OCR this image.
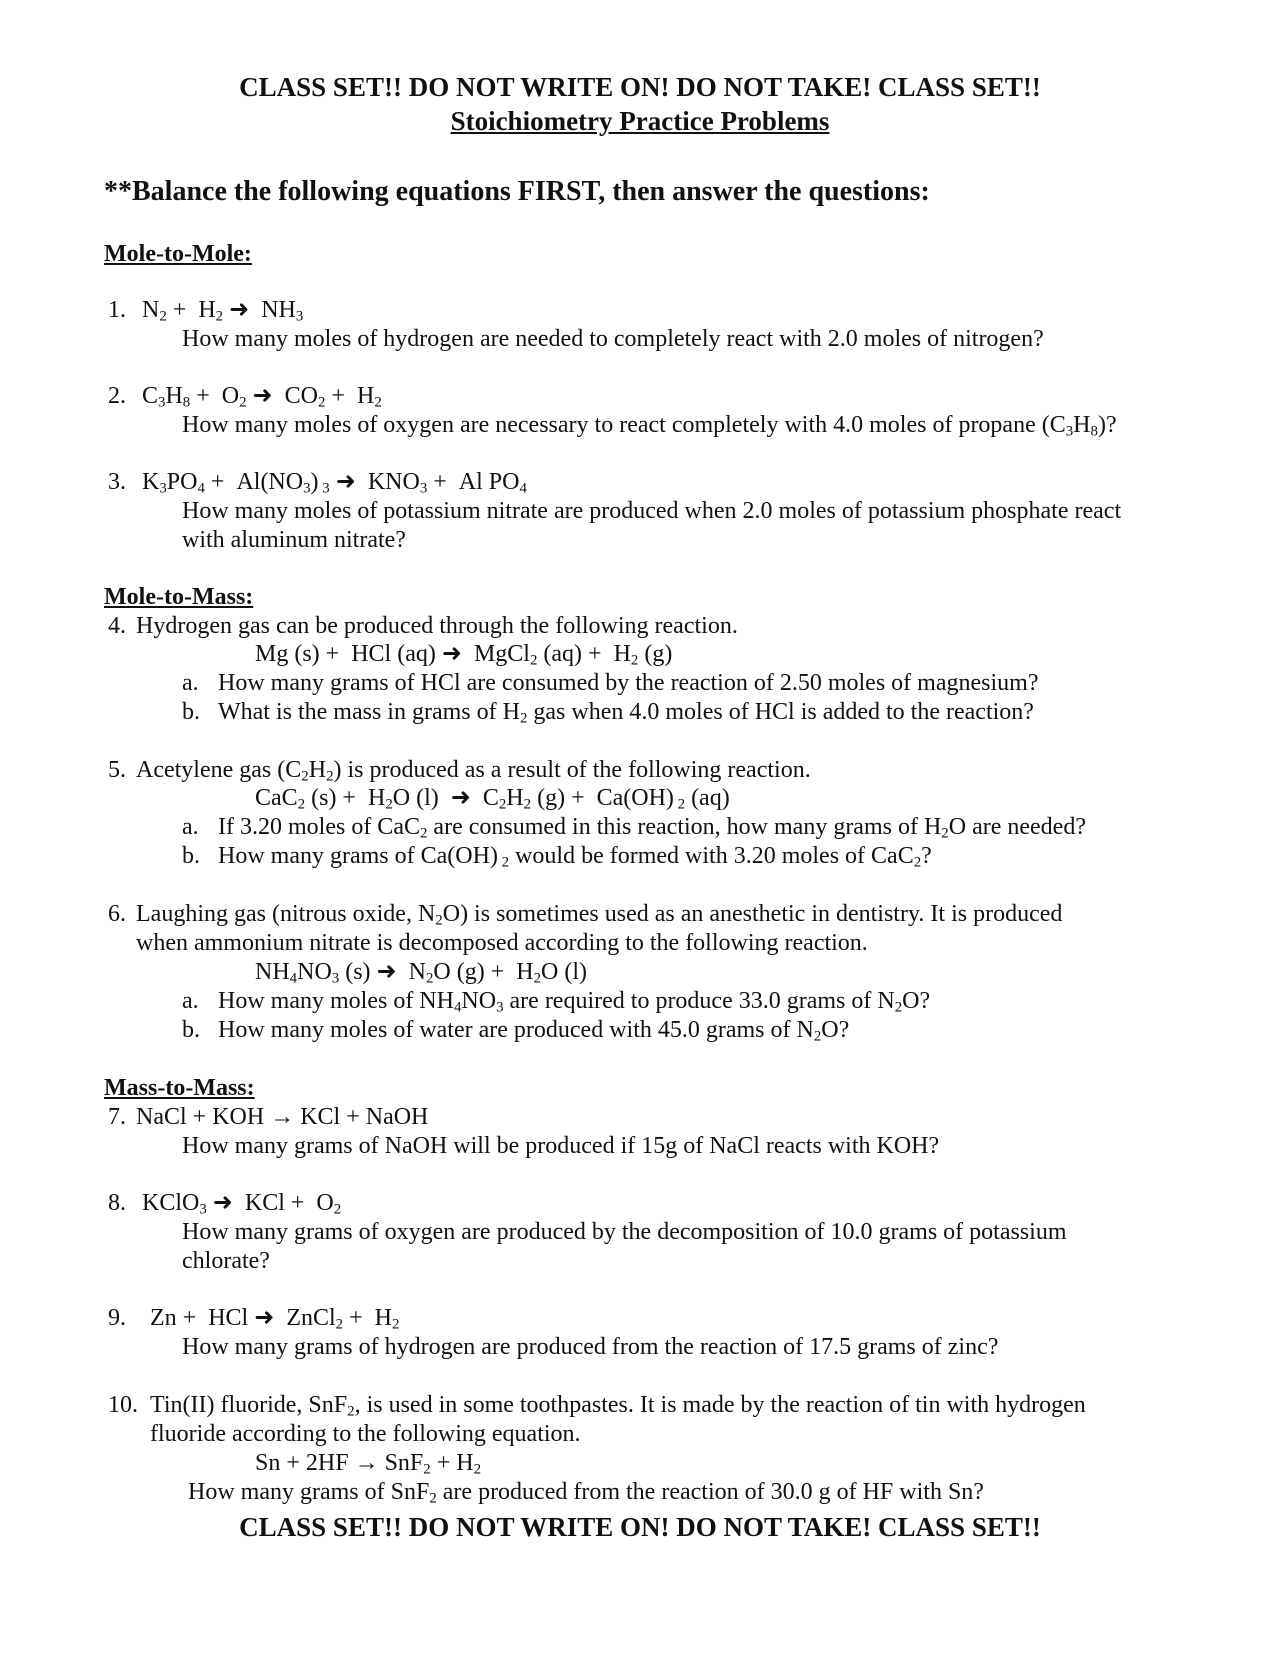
CLASS SET!! DO NOT WRITE ON! DO NOT TAKE! CLASS SET!!
Stoichiometry Practice Problems
**Balance the following equations FIRST, then answer the questions:
Mole-to-Mole:
1. $N_2 + H_2$ ➜  $NH_3$
How many moles of hydrogen are needed to completely react with 2.0 moles of nitrogen?
2. $C_3H_8 + O_2$ ➜  $CO_2 + H_2$
How many moles of oxygen are necessary to react completely with 4.0 moles of propane $(C_3H_8)$?
3. $K_3PO_4 + Al(NO_3)$ $_3$ ➜  $KNO_3 + Al$ $PO_4$
How many moles of potassium nitrate are produced when 2.0 moles of potassium phosphate react
with aluminum nitrate?
Mole-to-Mass:
4. Hydrogen gas can be produced through the following reaction.
Mg (s) +  HCl (aq) ➜  MgCl$_2$ $(aq) + H_2$ (g)
a. How many grams of HCl are consumed by the reaction of 2.50 moles of magnesium?
b. What is the mass in grams of $H_2$ gas when 4.0 moles of HCl is added to the reaction?
5. Acetylene gas $(C_2H_2)$ is produced as a result of the following reaction.
CaC$_2$ $(s) + H_2O$ (l)  ➜  $C_2H_2$ (g) +  Ca(OH) $_2$ (aq)
a. If 3.20 moles of CaC$_2$ are consumed in this reaction, how many grams of $H_2O$ are needed?
b. How many grams of Ca(OH) $_2$ would be formed with 3.20 moles of CaC$_2$?
6. Laughing gas (nitrous oxide, $N_2O$) is sometimes used as an anesthetic in dentistry. It is produced
when ammonium nitrate is decomposed according to the following reaction.
$NH_4NO_3$ (s) ➜  $N_2O$ $(g) + H_2O$ (l)
a. How many moles of $NH_4NO_3$ are required to produce 33.0 grams of $N_2O$?
b. How many moles of water are produced with 45.0 grams of $N_2O$?
Mass-to-Mass:
7. NaCl + KOH → KCl + NaOH
How many grams of NaOH will be produced if 15g of NaCl reacts with KOH?
8. KClO$_3$ ➜  KCl +  $O_2$
How many grams of oxygen are produced by the decomposition of 10.0 grams of potassium
chlorate?
9. Zn +  HCl ➜  ZnCl$_2$ +  $H_2$
How many grams of hydrogen are produced from the reaction of 17.5 grams of zinc?
10. Tin(II) fluoride, SnF$_2$, is used in some toothpastes. It is made by the reaction of tin with hydrogen
fluoride according to the following equation.
$Sn + 2HF \to SnF_2 + H_2$
How many grams of SnF$_2$ are produced from the reaction of 30.0 g of HF with Sn?
CLASS SET!! DO NOT WRITE ON! DO NOT TAKE! CLASS SET!!
